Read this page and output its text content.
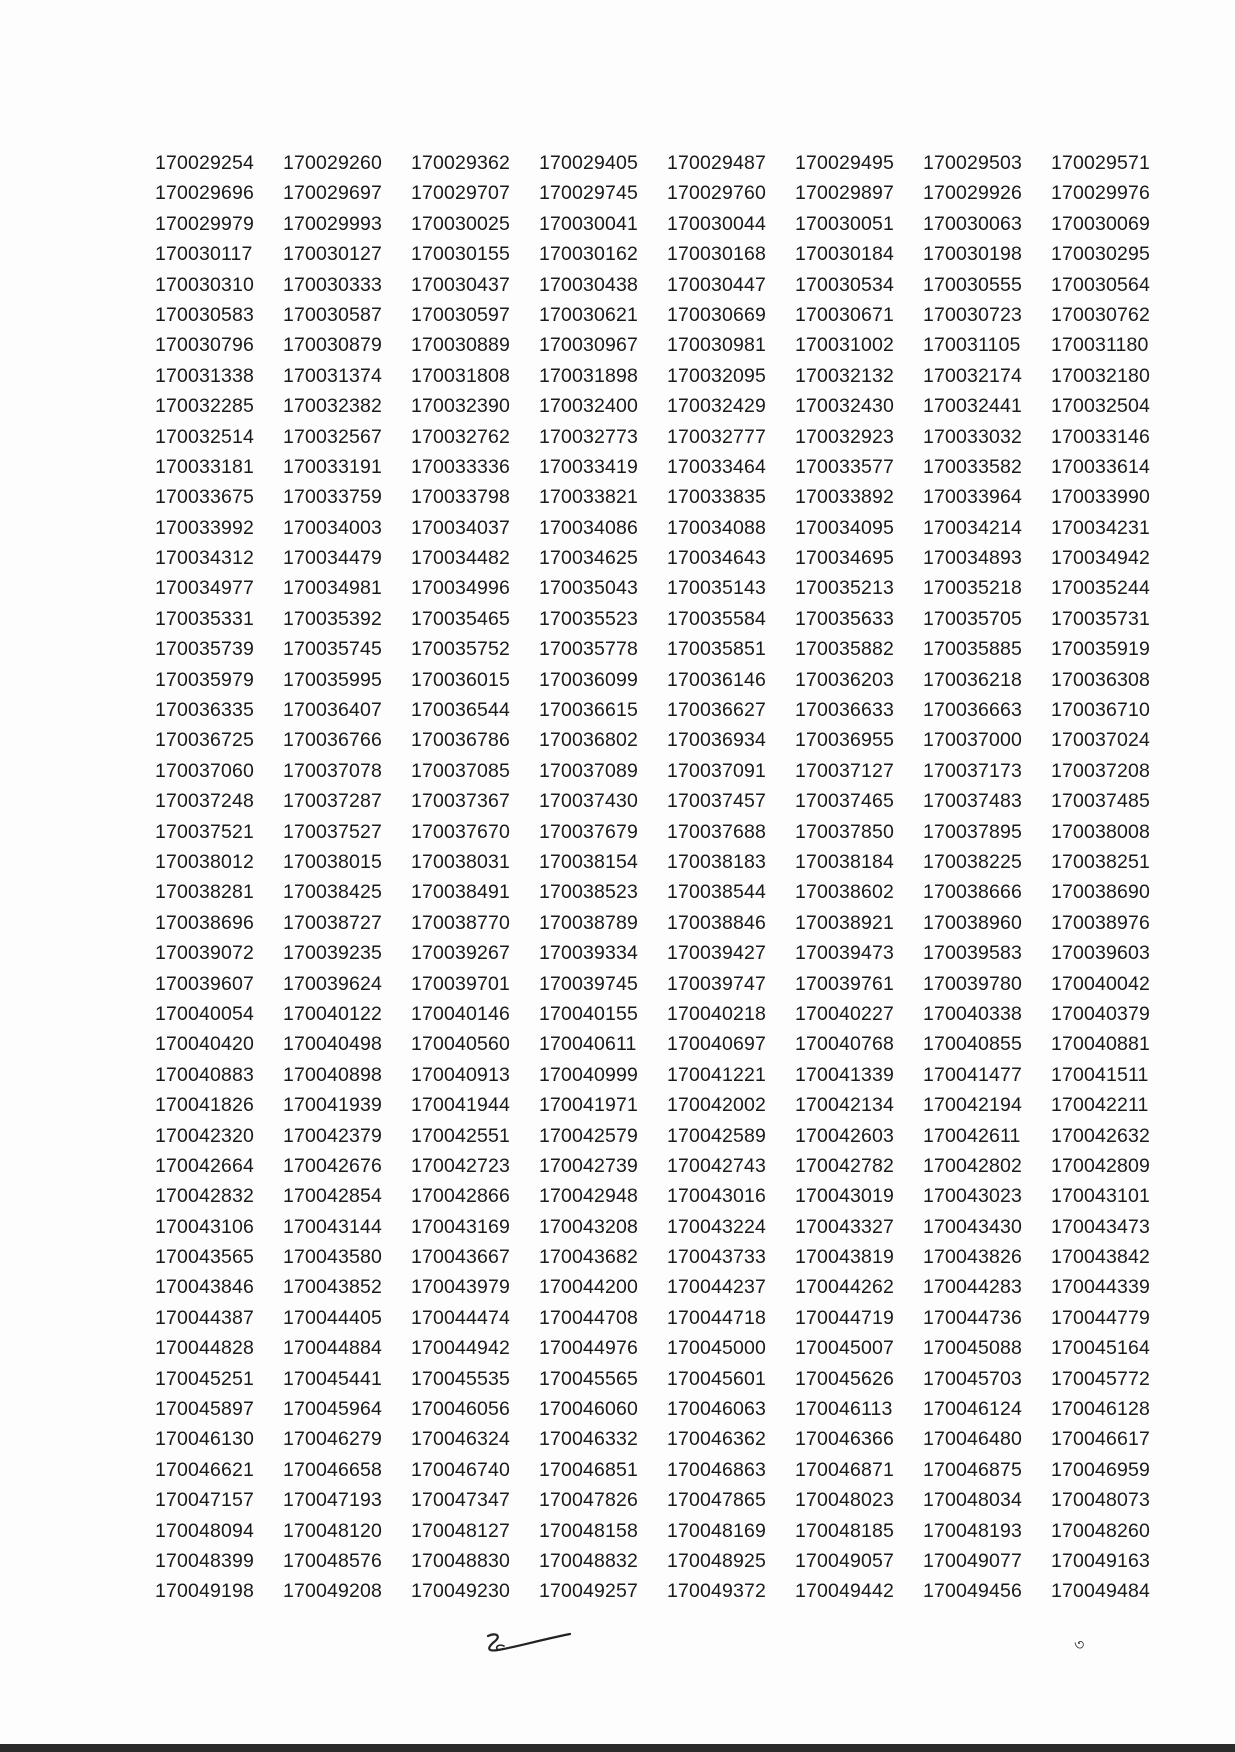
170029254	170029260	170029362	170029405	170029487	170029495	170029503	170029571
170029696	170029697	170029707	170029745	170029760	170029897	170029926	170029976
170029979	170029993	170030025	170030041	170030044	170030051	170030063	170030069
170030117	170030127	170030155	170030162	170030168	170030184	170030198	170030295
170030310	170030333	170030437	170030438	170030447	170030534	170030555	170030564
170030583	170030587	170030597	170030621	170030669	170030671	170030723	170030762
170030796	170030879	170030889	170030967	170030981	170031002	170031105	170031180
170031338	170031374	170031808	170031898	170032095	170032132	170032174	170032180
170032285	170032382	170032390	170032400	170032429	170032430	170032441	170032504
170032514	170032567	170032762	170032773	170032777	170032923	170033032	170033146
170033181	170033191	170033336	170033419	170033464	170033577	170033582	170033614
170033675	170033759	170033798	170033821	170033835	170033892	170033964	170033990
170033992	170034003	170034037	170034086	170034088	170034095	170034214	170034231
170034312	170034479	170034482	170034625	170034643	170034695	170034893	170034942
170034977	170034981	170034996	170035043	170035143	170035213	170035218	170035244
170035331	170035392	170035465	170035523	170035584	170035633	170035705	170035731
170035739	170035745	170035752	170035778	170035851	170035882	170035885	170035919
170035979	170035995	170036015	170036099	170036146	170036203	170036218	170036308
170036335	170036407	170036544	170036615	170036627	170036633	170036663	170036710
170036725	170036766	170036786	170036802	170036934	170036955	170037000	170037024
170037060	170037078	170037085	170037089	170037091	170037127	170037173	170037208
170037248	170037287	170037367	170037430	170037457	170037465	170037483	170037485
170037521	170037527	170037670	170037679	170037688	170037850	170037895	170038008
170038012	170038015	170038031	170038154	170038183	170038184	170038225	170038251
170038281	170038425	170038491	170038523	170038544	170038602	170038666	170038690
170038696	170038727	170038770	170038789	170038846	170038921	170038960	170038976
170039072	170039235	170039267	170039334	170039427	170039473	170039583	170039603
170039607	170039624	170039701	170039745	170039747	170039761	170039780	170040042
170040054	170040122	170040146	170040155	170040218	170040227	170040338	170040379
170040420	170040498	170040560	170040611	170040697	170040768	170040855	170040881
170040883	170040898	170040913	170040999	170041221	170041339	170041477	170041511
170041826	170041939	170041944	170041971	170042002	170042134	170042194	170042211
170042320	170042379	170042551	170042579	170042589	170042603	170042611	170042632
170042664	170042676	170042723	170042739	170042743	170042782	170042802	170042809
170042832	170042854	170042866	170042948	170043016	170043019	170043023	170043101
170043106	170043144	170043169	170043208	170043224	170043327	170043430	170043473
170043565	170043580	170043667	170043682	170043733	170043819	170043826	170043842
170043846	170043852	170043979	170044200	170044237	170044262	170044283	170044339
170044387	170044405	170044474	170044708	170044718	170044719	170044736	170044779
170044828	170044884	170044942	170044976	170045000	170045007	170045088	170045164
170045251	170045441	170045535	170045565	170045601	170045626	170045703	170045772
170045897	170045964	170046056	170046060	170046063	170046113	170046124	170046128
170046130	170046279	170046324	170046332	170046362	170046366	170046480	170046617
170046621	170046658	170046740	170046851	170046863	170046871	170046875	170046959
170047157	170047193	170047347	170047826	170047865	170048023	170048034	170048073
170048094	170048120	170048127	170048158	170048169	170048185	170048193	170048260
170048399	170048576	170048830	170048832	170048925	170049057	170049077	170049163
170049198	170049208	170049230	170049257	170049372	170049442	170049456	170049484
৩
